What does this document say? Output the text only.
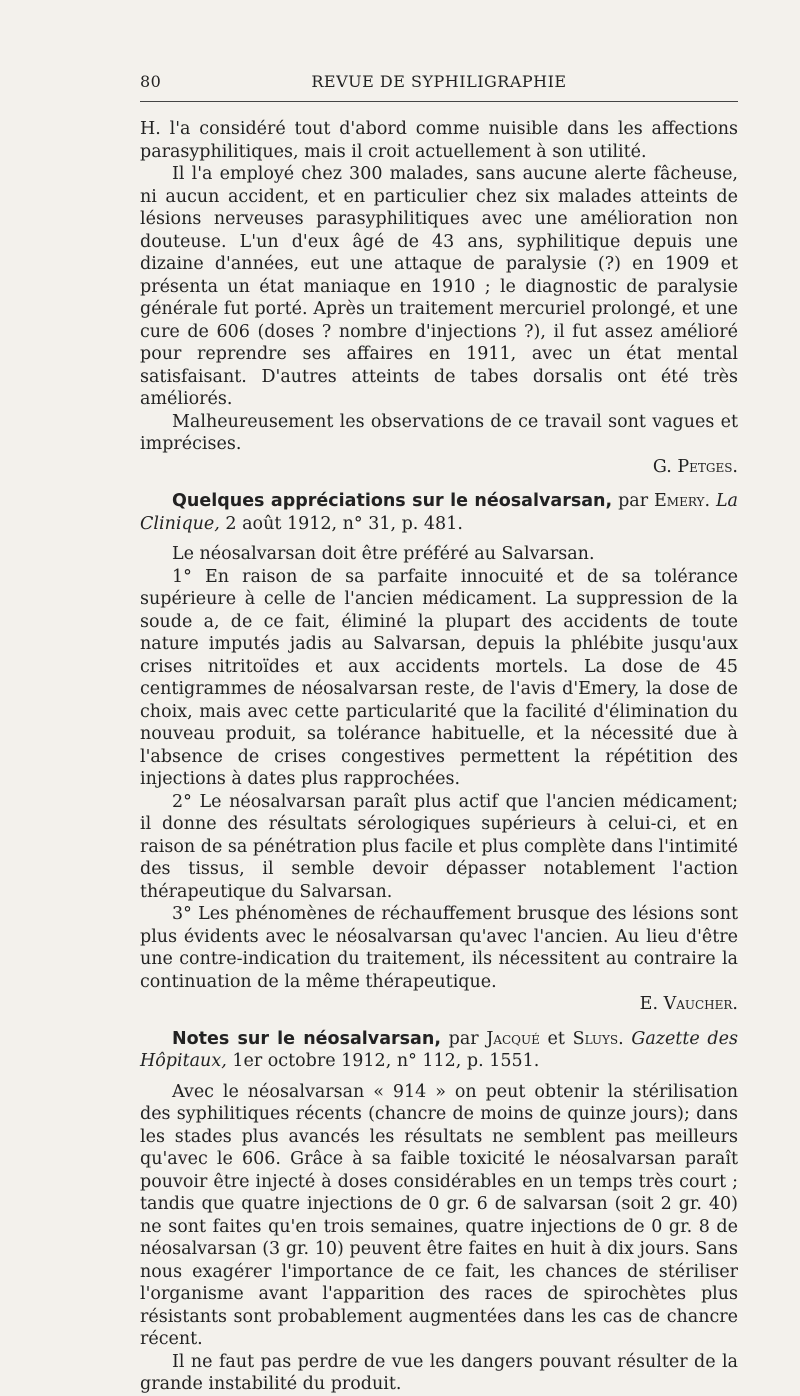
80	REVUE DE SYPHILIGRAPHIE

H. l'a considéré tout d'abord comme nuisible dans les affections parasyphilitiques, mais il croit actuellement à son utilité.

Il l'a employé chez 300 malades, sans aucune alerte fâcheuse, ni aucun accident, et en particulier chez six malades atteints de lésions nerveuses parasyphilitiques avec une amélioration non douteuse. L'un d'eux âgé de 43 ans, syphilitique depuis une dizaine d'années, eut une attaque de paralysie (?) en 1909 et présenta un état maniaque en 1910 ; le diagnostic de paralysie générale fut porté. Après un traitement mercuriel prolongé, et une cure de 606 (doses ? nombre d'injections ?), il fut assez amélioré pour reprendre ses affaires en 1911, avec un état mental satisfaisant. D'autres atteints de tabes dorsalis ont été très améliorés.

Malheureusement les observations de ce travail sont vagues et imprécises.

G. Petges.

Quelques appréciations sur le néosalvarsan, par Emery. La Clinique, 2 août 1912, n° 31, p. 481.

Le néosalvarsan doit être préféré au Salvarsan.

1° En raison de sa parfaite innocuité et de sa tolérance supérieure à celle de l'ancien médicament. La suppression de la soude a, de ce fait, éliminé la plupart des accidents de toute nature imputés jadis au Salvarsan, depuis la phlébite jusqu'aux crises nitritoïdes et aux accidents mortels. La dose de 45 centigrammes de néosalvarsan reste, de l'avis d'Emery, la dose de choix, mais avec cette particularité que la facilité d'élimination du nouveau produit, sa tolérance habituelle, et la nécessité due à l'absence de crises congestives permettent la répétition des injections à dates plus rapprochées.

2° Le néosalvarsan paraît plus actif que l'ancien médicament; il donne des résultats sérologiques supérieurs à celui-ci, et en raison de sa pénétration plus facile et plus complète dans l'intimité des tissus, il semble devoir dépasser notablement l'action thérapeutique du Salvarsan.

3° Les phénomènes de réchauffement brusque des lésions sont plus évidents avec le néosalvarsan qu'avec l'ancien. Au lieu d'être une contre-indication du traitement, ils nécessitent au contraire la continuation de la même thérapeutique.

E. Vaucher.

Notes sur le néosalvarsan, par Jacqué et Sluys. Gazette des Hôpitaux, 1er octobre 1912, n° 112, p. 1551.

Avec le néosalvarsan « 914 » on peut obtenir la stérilisation des syphilitiques récents (chancre de moins de quinze jours); dans les stades plus avancés les résultats ne semblent pas meilleurs qu'avec le 606. Grâce à sa faible toxicité le néosalvarsan paraît pouvoir être injecté à doses considérables en un temps très court ; tandis que quatre injections de 0 gr. 6 de salvarsan (soit 2 gr. 40) ne sont faites qu'en trois semaines, quatre injections de 0 gr. 8 de néosalvarsan (3 gr. 10) peuvent être faites en huit à dix jours. Sans nous exagérer l'importance de ce fait, les chances de stériliser l'organisme avant l'apparition des races de spirochètes plus résistants sont probablement augmentées dans les cas de chancre récent.

Il ne faut pas perdre de vue les dangers pouvant résulter de la grande instabilité du produit.
